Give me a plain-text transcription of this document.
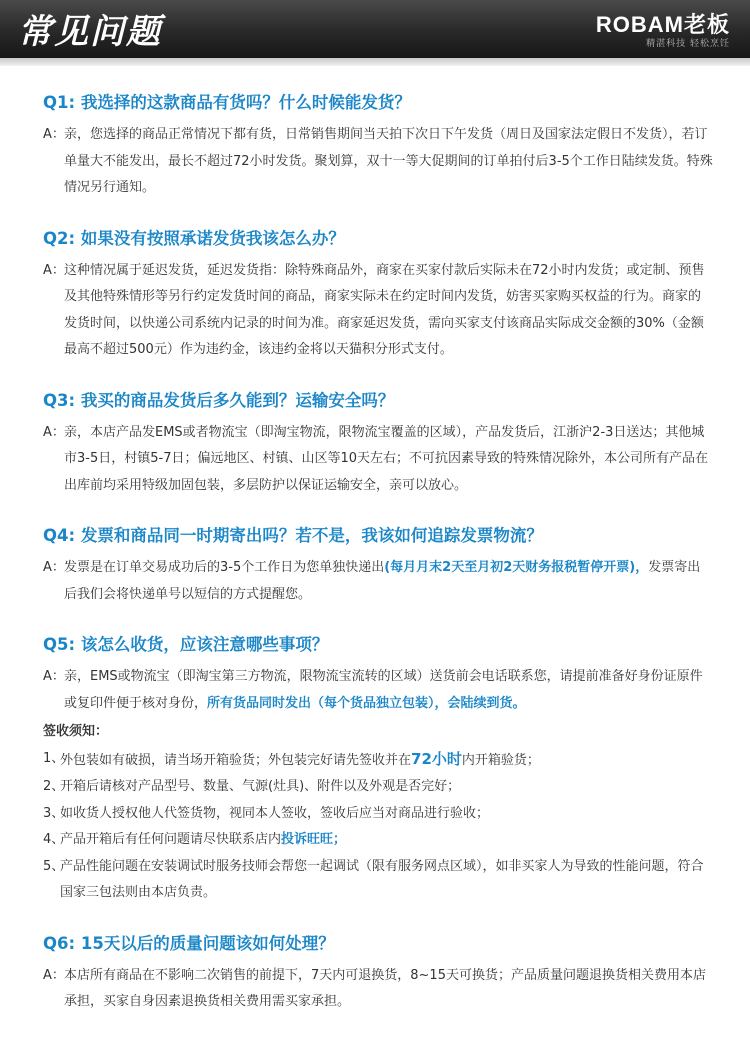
常见问题	ROBAM老板
精湛科技 轻松烹饪
Q1: 我选择的这款商品有货吗？什么时候能发货？
A： 亲，您选择的商品正常情况下都有货，日常销售期间当天拍下次日下午发货（周日及国家法定假日不发货），若订单量大不能发出，最长不超过72小时发货。聚划算，双十一等大促期间的订单拍付后3-5个工作日陆续发货。特殊情况另行通知。
Q2: 如果没有按照承诺发货我该怎么办？
A： 这种情况属于延迟发货，延迟发货指：除特殊商品外，商家在买家付款后实际未在72小时内发货；或定制、预售及其他特殊情形等另行约定发货时间的商品，商家实际未在约定时间内发货，妨害买家购买权益的行为。商家的发货时间，以快递公司系统内记录的时间为准。商家延迟发货，需向买家支付该商品实际成交金额的30%（金额最高不超过500元）作为违约金，该违约金将以天猫积分形式支付。
Q3: 我买的商品发货后多久能到？运输安全吗？
A： 亲，本店产品发EMS或者物流宝（即淘宝物流，限物流宝覆盖的区域），产品发货后，江浙沪2-3日送达；其他城市3-5日，村镇5-7日；偏远地区、村镇、山区等10天左右；不可抗因素导致的特殊情况除外，本公司所有产品在出库前均采用特级加固包装，多层防护以保证运输安全，亲可以放心。
Q4: 发票和商品同一时期寄出吗？若不是，我该如何追踪发票物流？
A： 发票是在订单交易成功后的3-5个工作日为您单独快递出(每月月末2天至月初2天财务报税暂停开票)，发票寄出后我们会将快递单号以短信的方式提醒您。
Q5: 该怎么收货，应该注意哪些事项？
A： 亲，EMS或物流宝（即淘宝第三方物流，限物流宝流转的区域）送货前会电话联系您，请提前准备好身份证原件或复印件便于核对身份，所有货品同时发出（每个货品独立包装），会陆续到货。
签收须知：
1、
外包装如有破损，请当场开箱验货；外包装完好请先签收并在72小时内开箱验货；
2、
开箱后请核对产品型号、数量、气源(灶具)、附件以及外观是否完好；
3、
如收货人授权他人代签货物，视同本人签收，签收后应当对商品进行验收；
4、
产品开箱后有任何问题请尽快联系店内投诉旺旺；
5、
产品性能问题在安装调试时服务技师会帮您一起调试（限有服务网点区域），如非买家人为导致的性能问题，符合国家三包法则由本店负责。
Q6: 15天以后的质量问题该如何处理？
A： 本店所有商品在不影响二次销售的前提下，7天内可退换货，8~15天可换货；产品质量问题退换货相关费用本店承担，买家自身因素退换货相关费用需买家承担。
